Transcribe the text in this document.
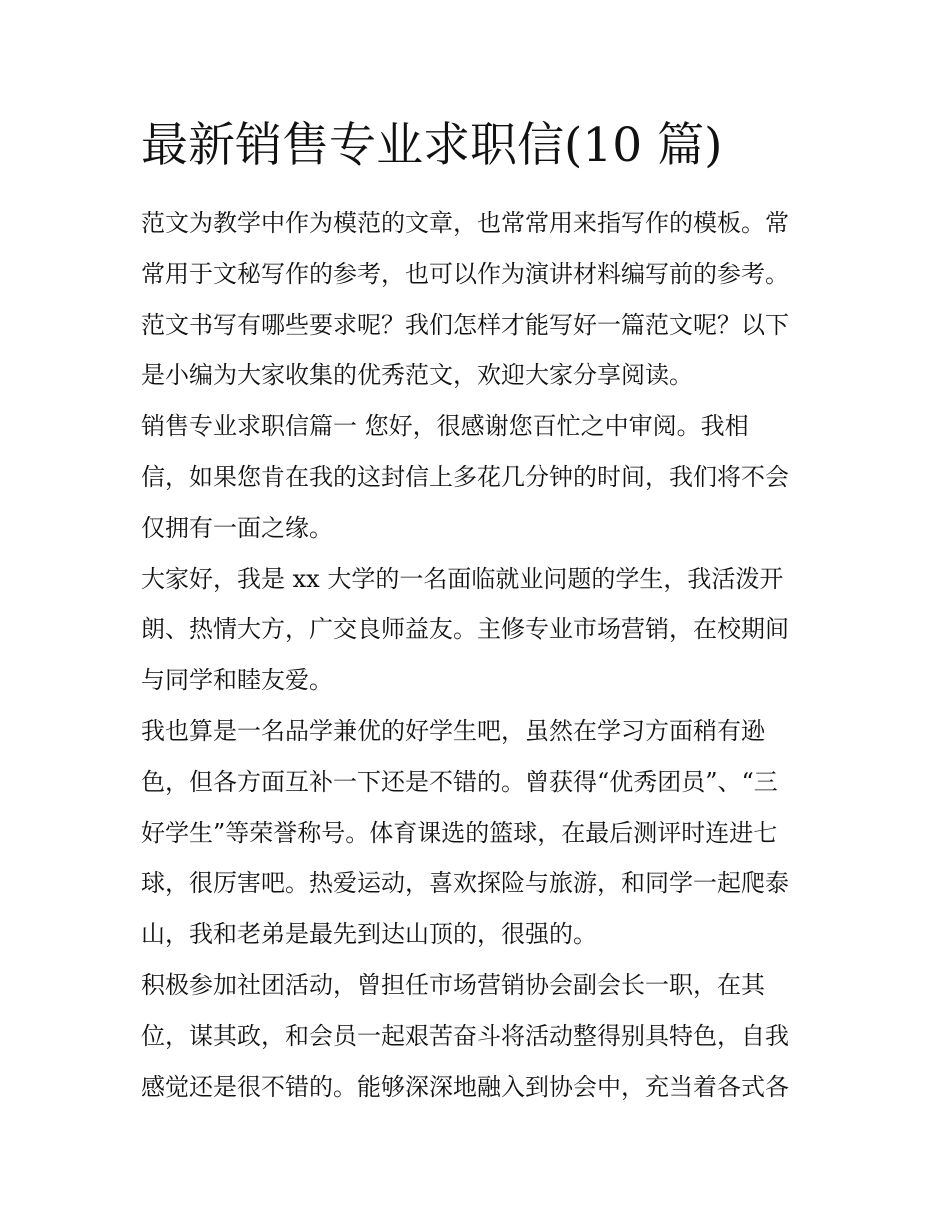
最新销售专业求职信(10 篇)
范文为教学中作为模范的文章，也常常用来指写作的模板。常
常用于文秘写作的参考，也可以作为演讲材料编写前的参考。
范文书写有哪些要求呢？我们怎样才能写好一篇范文呢？以下
是小编为大家收集的优秀范文，欢迎大家分享阅读。
销售专业求职信篇一 您好，很感谢您百忙之中审阅。我相
信，如果您肯在我的这封信上多花几分钟的时间，我们将不会
仅拥有一面之缘。
大家好，我是 xx 大学的一名面临就业问题的学生，我活泼开
朗、热情大方，广交良师益友。主修专业市场营销，在校期间
与同学和睦友爱。
我也算是一名品学兼优的好学生吧，虽然在学习方面稍有逊
色，但各方面互补一下还是不错的。曾获得“优秀团员”、“三
好学生”等荣誉称号。体育课选的篮球，在最后测评时连进七
球，很厉害吧。热爱运动，喜欢探险与旅游，和同学一起爬泰
山，我和老弟是最先到达山顶的，很强的。
积极参加社团活动，曾担任市场营销协会副会长一职，在其
位，谋其政，和会员一起艰苦奋斗将活动整得别具特色，自我
感觉还是很不错的。能够深深地融入到协会中，充当着各式各
